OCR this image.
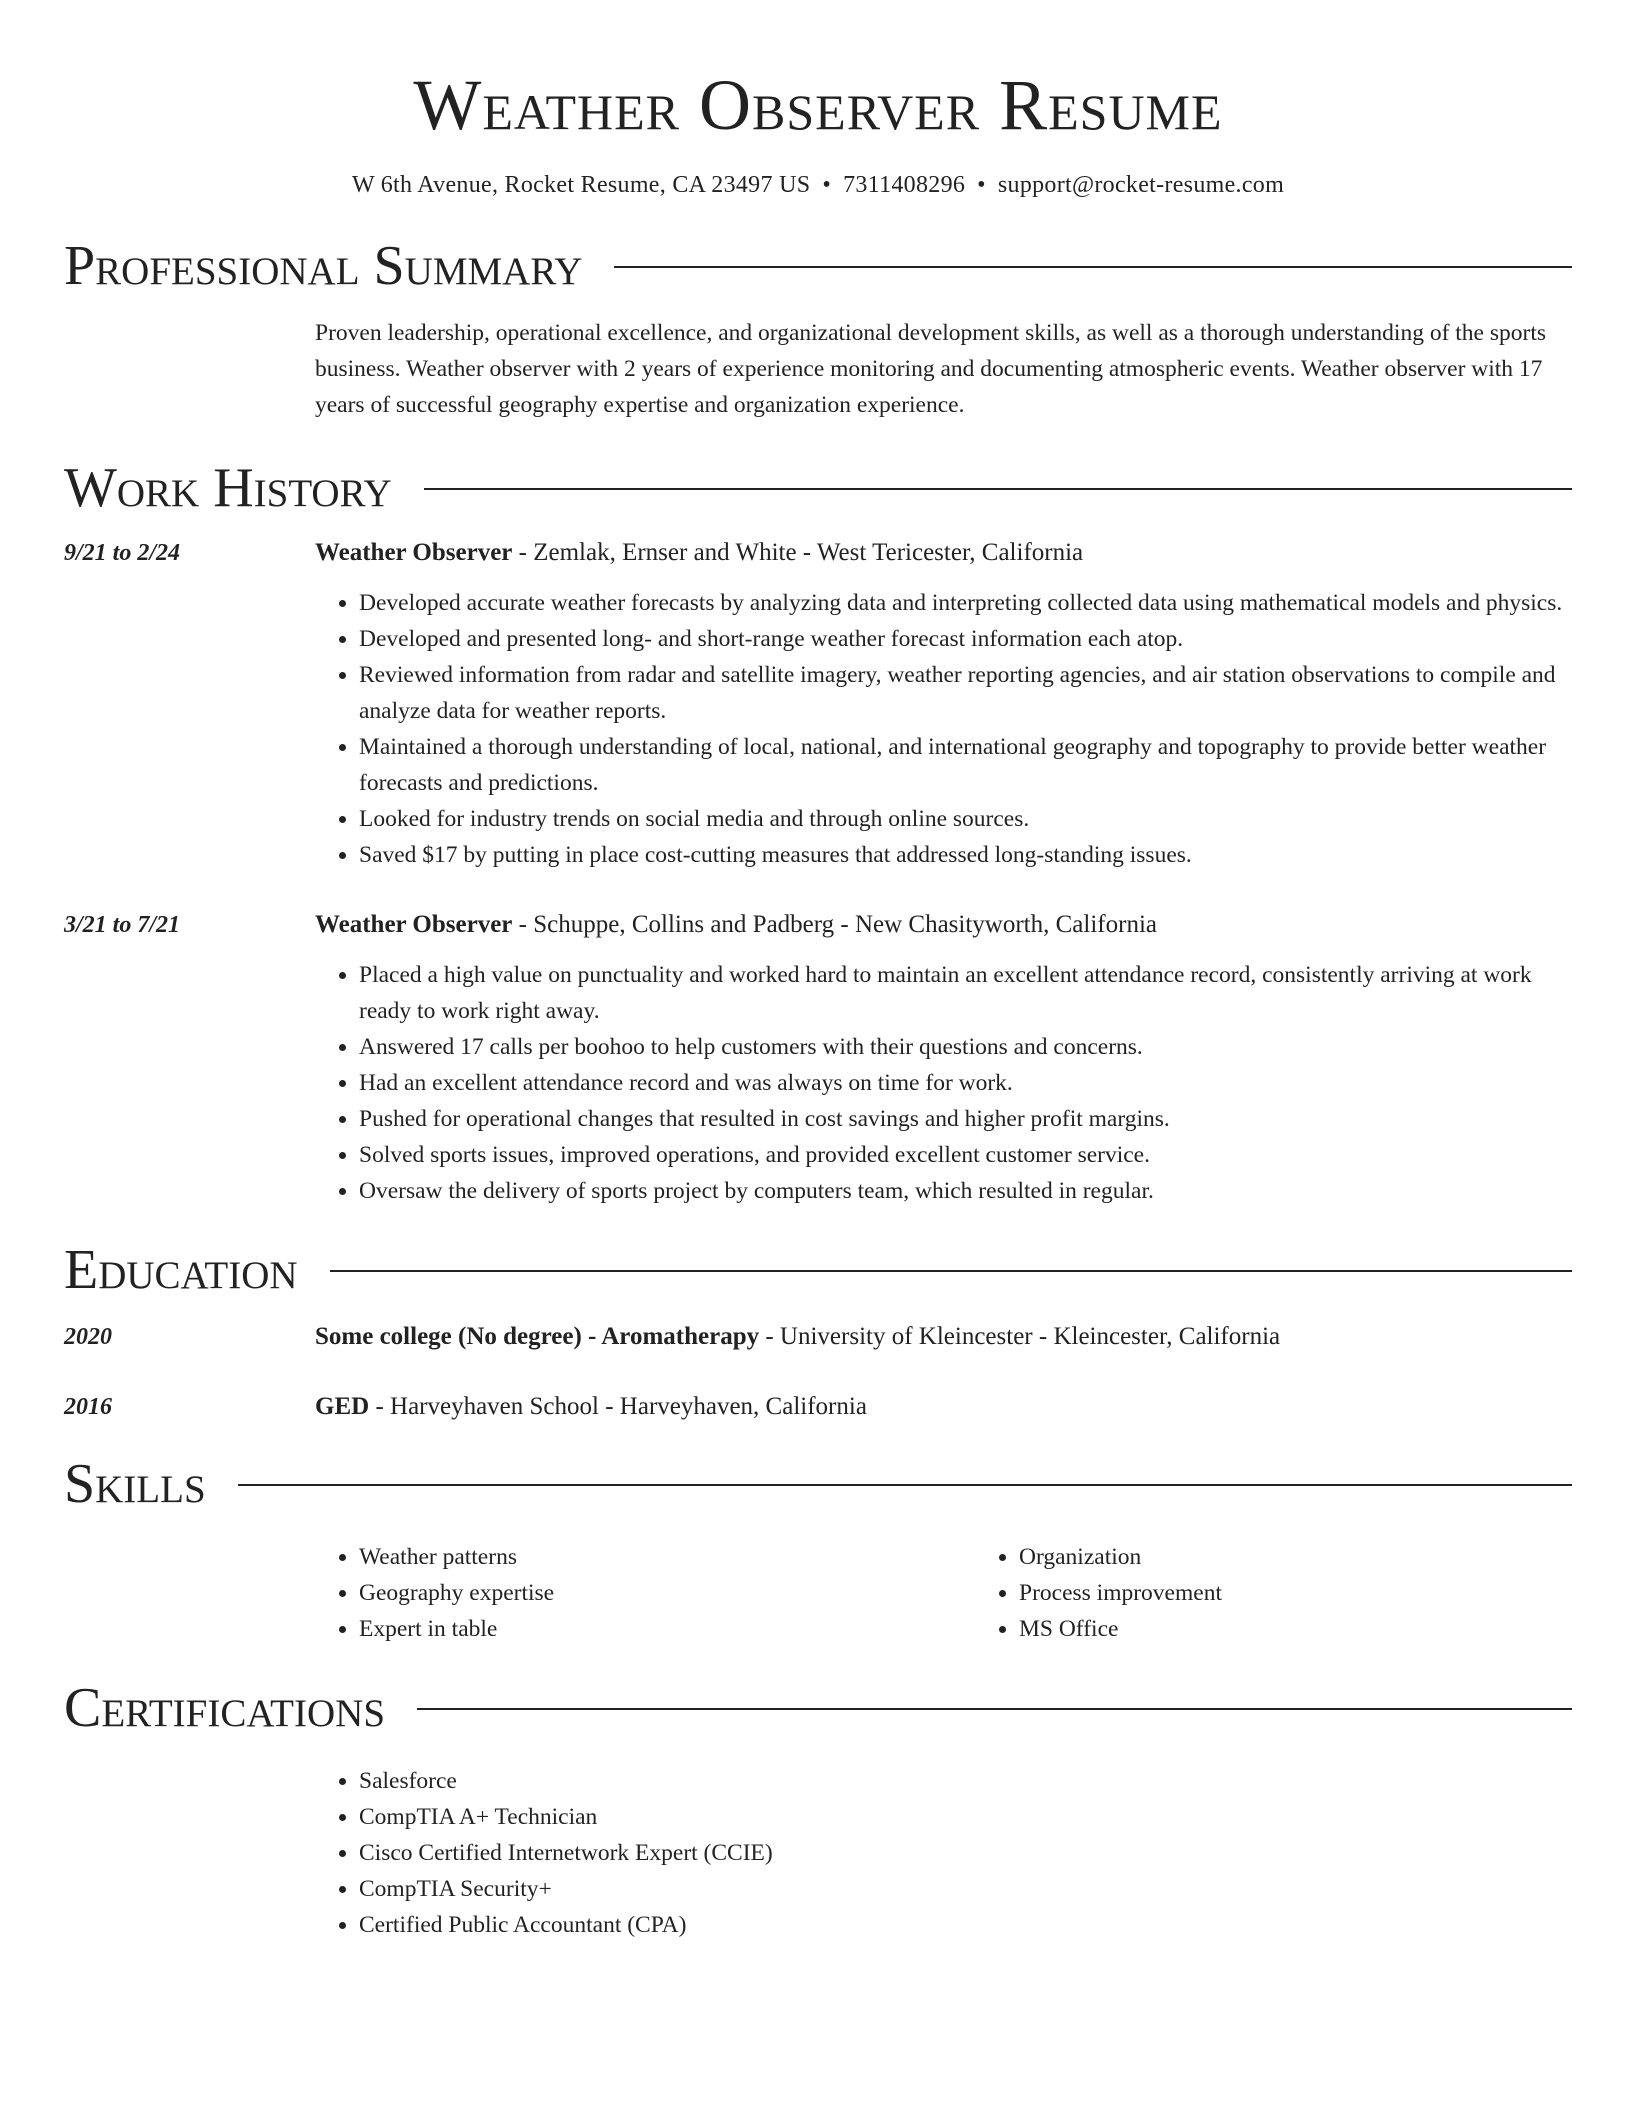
Weather Observer Resume
W 6th Avenue, Rocket Resume, CA 23497 US • 7311408296 • support@rocket-resume.com
Professional Summary
Proven leadership, operational excellence, and organizational development skills, as well as a thorough understanding of the sports business. Weather observer with 2 years of experience monitoring and documenting atmospheric events. Weather observer with 17 years of successful geography expertise and organization experience.
Work History
9/21 to 2/24	Weather Observer - Zemlak, Ernser and White - West Tericester, California
• Developed accurate weather forecasts by analyzing data and interpreting collected data using mathematical models and physics.
• Developed and presented long- and short-range weather forecast information each atop.
• Reviewed information from radar and satellite imagery, weather reporting agencies, and air station observations to compile and analyze data for weather reports.
• Maintained a thorough understanding of local, national, and international geography and topography to provide better weather forecasts and predictions.
• Looked for industry trends on social media and through online sources.
• Saved $17 by putting in place cost-cutting measures that addressed long-standing issues.
3/21 to 7/21	Weather Observer - Schuppe, Collins and Padberg - New Chasityworth, California
• Placed a high value on punctuality and worked hard to maintain an excellent attendance record, consistently arriving at work ready to work right away.
• Answered 17 calls per boohoo to help customers with their questions and concerns.
• Had an excellent attendance record and was always on time for work.
• Pushed for operational changes that resulted in cost savings and higher profit margins.
• Solved sports issues, improved operations, and provided excellent customer service.
• Oversaw the delivery of sports project by computers team, which resulted in regular.
Education
2020	Some college (No degree) - Aromatherapy - University of Kleincester - Kleincester, California
2016	GED - Harveyhaven School - Harveyhaven, California
Skills
• Weather patterns
• Geography expertise
• Expert in table
• Organization
• Process improvement
• MS Office
Certifications
• Salesforce
• CompTIA A+ Technician
• Cisco Certified Internetwork Expert (CCIE)
• CompTIA Security+
• Certified Public Accountant (CPA)
